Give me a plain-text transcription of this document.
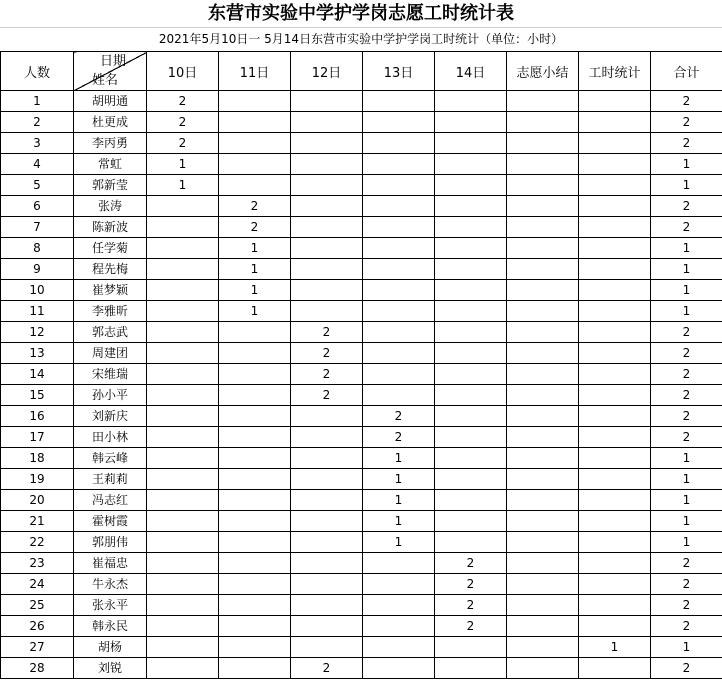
东营市实验中学护学岗志愿工时统计表
2021年5月10日一 5月14日东营市实验中学护学岗工时统计（单位：小时）
人数	日期
姓名	10日	11日	12日	13日	14日	志愿小结	工时统计	合计
1	胡明通	2							2
2	杜更成	2							2
3	李丙勇	2							2
4	常虹	1							1
5	郭新莹	1							1
6	张涛		2						2
7	陈新波		2						2
8	任学菊		1						1
9	程先梅		1						1
10	崔梦颖		1						1
11	李雅昕		1						1
12	郭志武			2					2
13	周建团			2					2
14	宋维瑞			2					2
15	孙小平			2					2
16	刘新庆				2				2
17	田小林				2				2
18	韩云峰				1				1
19	王莉莉				1				1
20	冯志红				1				1
21	霍树霞				1				1
22	郭朋伟				1				1
23	崔福忠					2			2
24	牛永杰					2			2
25	张永平					2			2
26	韩永民					2			2
27	胡杨							1	1
28	刘锐			2					2
